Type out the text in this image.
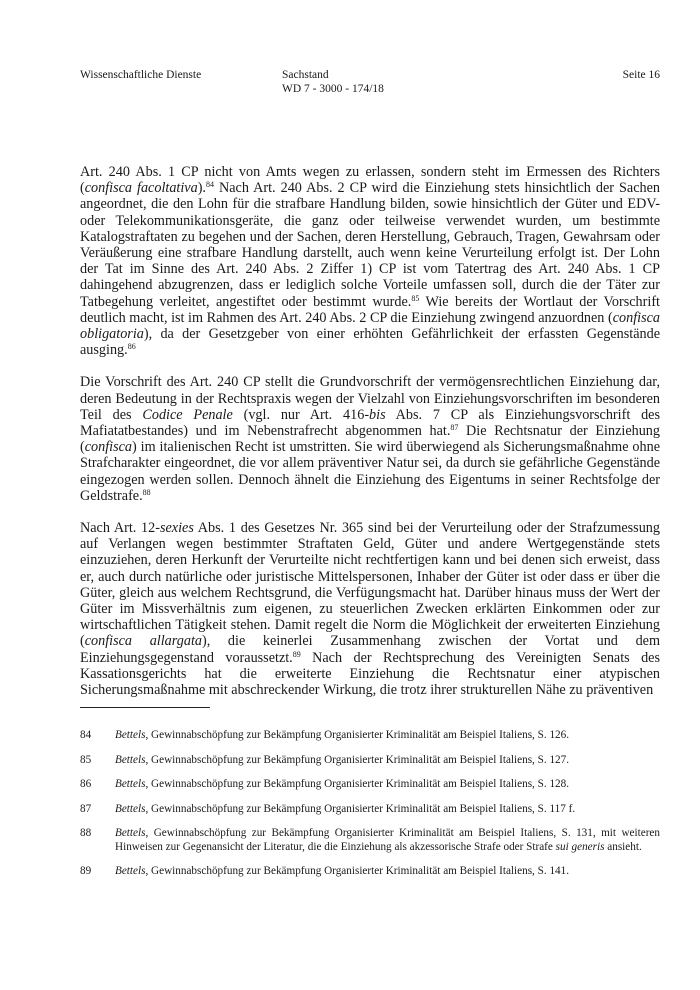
Wissenschaftliche Dienste	Sachstand
WD 7 - 3000 - 174/18
Seite 16

Art. 240 Abs. 1 CP nicht von Amts wegen zu erlassen, sondern steht im Ermessen des Richters (confisca facoltativa).$^{84}$ Nach Art. 240 Abs. 2 CP wird die Einziehung stets hinsichtlich der Sachen angeordnet, die den Lohn für die strafbare Handlung bilden, sowie hinsichtlich der Güter und EDV- oder Telekommunikationsgeräte, die ganz oder teilweise verwendet wurden, um bestimmte Katalogstraftaten zu begehen und der Sachen, deren Herstellung, Gebrauch, Tragen, Gewahrsam oder Veräußerung eine strafbare Handlung darstellt, auch wenn keine Verurteilung erfolgt ist. Der Lohn der Tat im Sinne des Art. 240 Abs. 2 Ziffer 1) CP ist vom Tatertrag des Art. 240 Abs. 1 CP dahingehend abzugrenzen, dass er lediglich solche Vorteile umfassen soll, durch die der Täter zur Tatbegehung verleitet, angestiftet oder bestimmt wurde.$^{85}$ Wie bereits der Wortlaut der Vorschrift deutlich macht, ist im Rahmen des Art. 240 Abs. 2 CP die Einziehung zwingend anzuordnen (confisca obligatoria), da der Gesetzgeber von einer erhöhten Gefährlichkeit der erfassten Gegenstände ausging.$^{86}$

Die Vorschrift des Art. 240 CP stellt die Grundvorschrift der vermögensrechtlichen Einziehung dar, deren Bedeutung in der Rechtspraxis wegen der Vielzahl von Einziehungsvorschriften im besonderen Teil des Codice Penale (vgl. nur Art. 416-bis Abs. 7 CP als Einziehungsvorschrift des Mafiatatbestandes) und im Nebenstrafrecht abgenommen hat.$^{87}$ Die Rechtsnatur der Einziehung (confisca) im italienischen Recht ist umstritten. Sie wird überwiegend als Sicherungsmaßnahme ohne Strafcharakter eingeordnet, die vor allem präventiver Natur sei, da durch sie gefährliche Gegenstände eingezogen werden sollen. Dennoch ähnelt die Einziehung des Eigentums in seiner Rechtsfolge der Geldstrafe.$^{88}$

Nach Art. 12-sexies Abs. 1 des Gesetzes Nr. 365 sind bei der Verurteilung oder der Strafzumessung auf Verlangen wegen bestimmter Straftaten Geld, Güter und andere Wertgegenstände stets einzuziehen, deren Herkunft der Verurteilte nicht rechtfertigen kann und bei denen sich erweist, dass er, auch durch natürliche oder juristische Mittelspersonen, Inhaber der Güter ist oder dass er über die Güter, gleich aus welchem Rechtsgrund, die Verfügungsmacht hat. Darüber hinaus muss der Wert der Güter im Missverhältnis zum eigenen, zu steuerlichen Zwecken erklärten Einkommen oder zur wirtschaftlichen Tätigkeit stehen. Damit regelt die Norm die Möglichkeit der erweiterten Einziehung (confisca allargata), die keinerlei Zusammenhang zwischen der Vortat und dem Einziehungsgegenstand voraussetzt.$^{89}$ Nach der Rechtsprechung des Vereinigten Senats des Kassationsgerichts hat die erweiterte Einziehung die Rechtsnatur einer atypischen Sicherungsmaßnahme mit abschreckender Wirkung, die trotz ihrer strukturellen Nähe zu präventiven

84	Bettels, Gewinnabschöpfung zur Bekämpfung Organisierter Kriminalität am Beispiel Italiens, S. 126.
85	Bettels, Gewinnabschöpfung zur Bekämpfung Organisierter Kriminalität am Beispiel Italiens, S. 127.
86	Bettels, Gewinnabschöpfung zur Bekämpfung Organisierter Kriminalität am Beispiel Italiens, S. 128.
87	Bettels, Gewinnabschöpfung zur Bekämpfung Organisierter Kriminalität am Beispiel Italiens, S. 117 f.
88	Bettels, Gewinnabschöpfung zur Bekämpfung Organisierter Kriminalität am Beispiel Italiens, S. 131, mit weiteren Hinweisen zur Gegenansicht der Literatur, die die Einziehung als akzessorische Strafe oder Strafe sui generis ansieht.
89	Bettels, Gewinnabschöpfung zur Bekämpfung Organisierter Kriminalität am Beispiel Italiens, S. 141.
